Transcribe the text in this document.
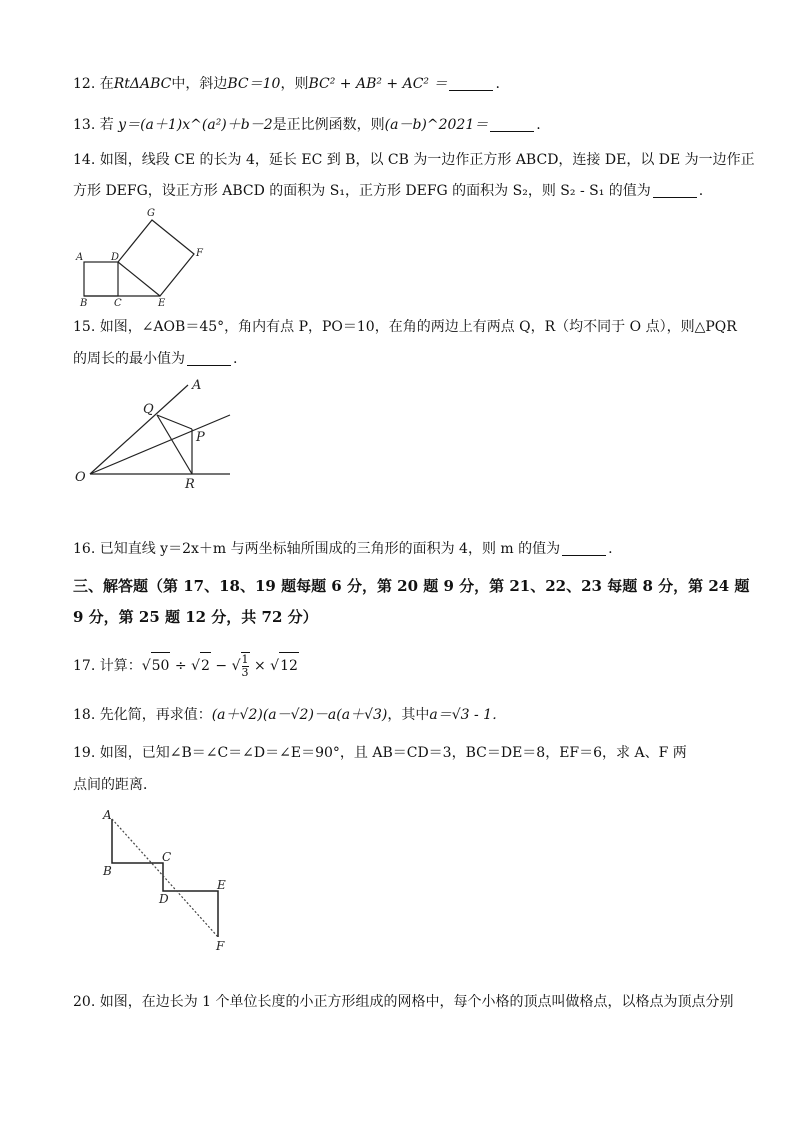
12. 在RtΔABC中，斜边BC＝10，则BC² + AB² + AC² ＝	.
13. 若 y＝(a＋1)x^(a²)＋b－2是正比例函数，则(a－b)^2021＝	.
14. 如图，线段 CE 的长为 4，延长 EC 到 B，以 CB 为一边作正方形 ABCD，连接 DE，以 DE 为一边作正
方形 DEFG，设正方形 ABCD 的面积为 S₁，正方形 DEFG 的面积为 S₂，则 S₂ - S₁ 的值为	.
A	D
G
F
B	C	E
15. 如图，∠AOB＝45°，角内有点 P，PO＝10，在角的两边上有两点 Q，R（均不同于 O 点），则△PQR
的周长的最小值为	.
A
Q
P
O	R
16. 已知直线 y＝2x＋m 与两坐标轴所围成的三角形的面积为 4，则 m 的值为	.
三、解答题（第 17、18、19 题每题 6 分，第 20 题 9 分，第 21、22、23 每题 8 分，第 24 题
9 分，第 25 题 12 分，共 72 分）
17. 计算：√50 ÷ √2 − √ $\frac{1}{3} \times √12$
18. 先化简，再求值：(a＋√2)(a－√2)－a(a＋√3)，其中a＝√3 - 1．
19. 如图，已知∠B＝∠C＝∠D＝∠E＝90°，且 AB＝CD＝3，BC＝DE＝8，EF＝6，求 A、F 两
点间的距离．
A
C
B
D
E
F
20. 如图，在边长为 1 个单位长度的小正方形组成的网格中，每个小格的顶点叫做格点，以格点为顶点分别
